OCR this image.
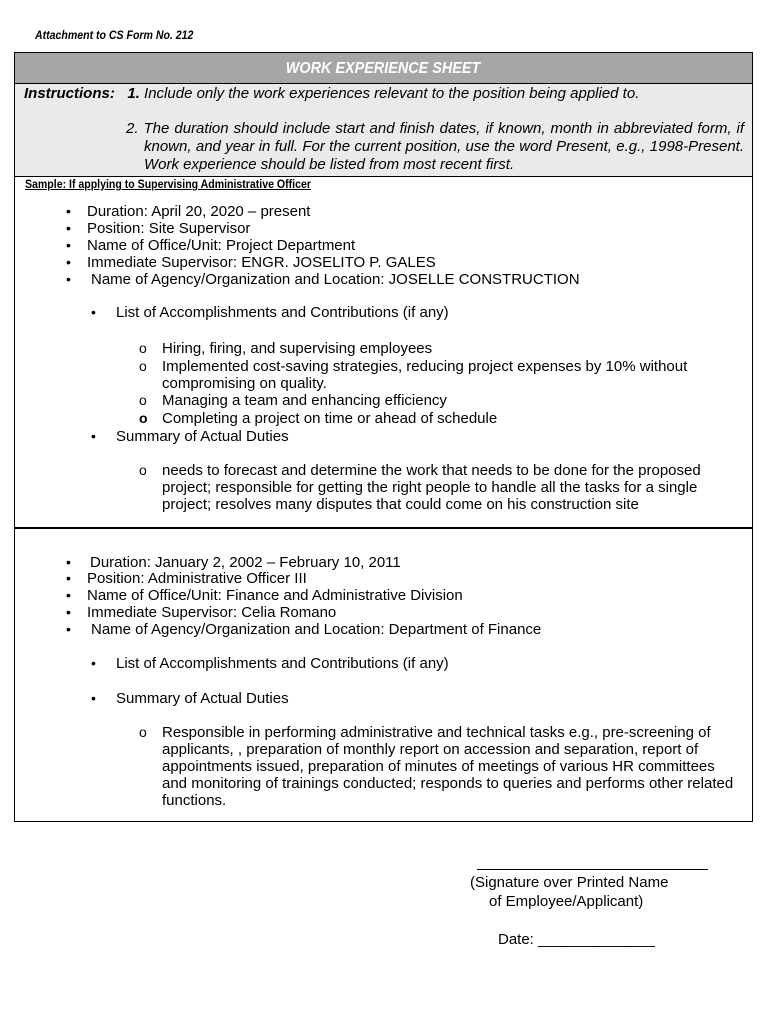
Attachment to CS Form No. 212
WORK EXPERIENCE SHEET
Instructions: 1. Include only the work experiences relevant to the position being applied to.
2. The duration should include start and finish dates, if known, month in abbreviated form, if known, and year in full. For the current position, use the word Present, e.g., 1998-Present. Work experience should be listed from most recent first.
Sample: If applying to Supervising Administrative Officer
• Duration: April 20, 2020 – present
• Position: Site Supervisor
• Name of Office/Unit: Project Department
• Immediate Supervisor: ENGR. JOSELITO P. GALES
• Name of Agency/Organization and Location: JOSELLE CONSTRUCTION
• List of Accomplishments and Contributions (if any)
o Hiring, firing, and supervising employees
o Implemented cost-saving strategies, reducing project expenses by 10% without compromising on quality.
o Managing a team and enhancing efficiency
o Completing a project on time or ahead of schedule
• Summary of Actual Duties
o needs to forecast and determine the work that needs to be done for the proposed project; responsible for getting the right people to handle all the tasks for a single project; resolves many disputes that could come on his construction site
• Duration: January 2, 2002 – February 10, 2011
• Position: Administrative Officer III
• Name of Office/Unit: Finance and Administrative Division
• Immediate Supervisor: Celia Romano
• Name of Agency/Organization and Location: Department of Finance
• List of Accomplishments and Contributions (if any)
• Summary of Actual Duties
o Responsible in performing administrative and technical tasks e.g., pre-screening of applicants, , preparation of monthly report on accession and separation, report of appointments issued, preparation of minutes of meetings of various HR committees and monitoring of trainings conducted; responds to queries and performs other related functions.
(Signature over Printed Name
of Employee/Applicant)
Date: ______________
